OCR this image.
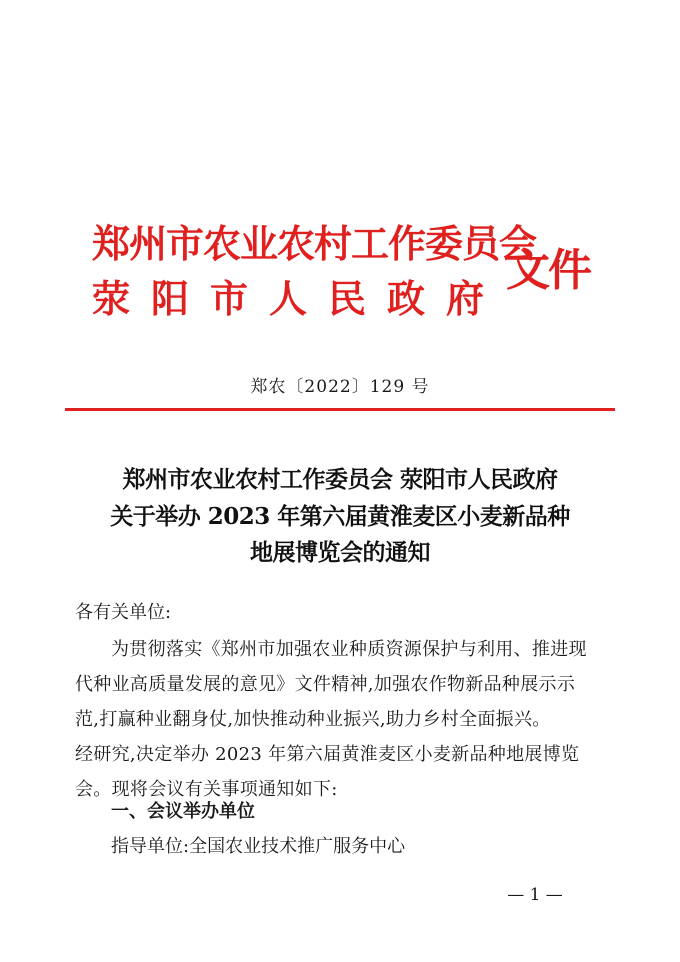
郑州市农业农村工作委员会
荥阳市人民政府
文件
郑农〔2022〕129 号
郑州市农业农村工作委员会 荥阳市人民政府
关于举办 2023 年第六届黄淮麦区小麦新品种
地展博览会的通知
各有关单位:
为贯彻落实《郑州市加强农业种质资源保护与利用、推进现
代种业高质量发展的意见》文件精神,加强农作物新品种展示示
范,打赢种业翻身仗,加快推动种业振兴,助力乡村全面振兴。
经研究,决定举办 2023 年第六届黄淮麦区小麦新品种地展博览
会。现将会议有关事项通知如下:
一、会议举办单位
指导单位:全国农业技术推广服务中心
— 1 —
